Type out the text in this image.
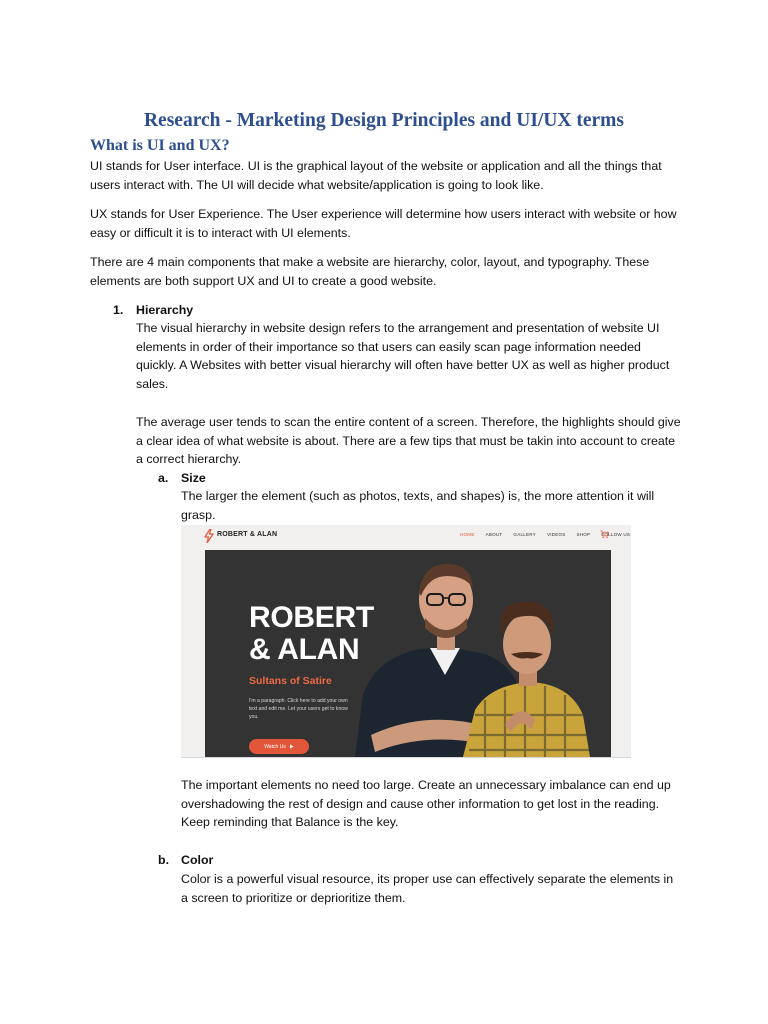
Research - Marketing Design Principles and UI/UX terms
What is UI and UX?

UI stands for User interface. UI is the graphical layout of the website or application and all the things that users interact with. The UI will decide what website/application is going to look like.

UX stands for User Experience. The User experience will determine how users interact with website or how easy or difficult it is to interact with UI elements.

There are 4 main components that make a website are hierarchy, color, layout, and typography. These elements are both support UX and UI to create a good website.

1. Hierarchy

The visual hierarchy in website design refers to the arrangement and presentation of website UI elements in order of their importance so that users can easily scan page information needed quickly. A Websites with better visual hierarchy will often have better UX as well as higher product sales.

The average user tends to scan the entire content of a screen. Therefore, the highlights should give a clear idea of what website is about. There are a few tips that must be takin into account to create a correct hierarchy.

a. Size

The larger the element (such as photos, texts, and shapes) is, the more attention it will grasp.

ROBERT & ALAN	HOME ABOUT GALLERY VIDEOS SHOP FOLLOW US
ROBERT
& ALAN
Sultans of Satire
I'm a paragraph. Click here to add your own text and edit me. Let your users get to know you.
Watch Us

The important elements no need too large. Create an unnecessary imbalance can end up overshadowing the rest of design and cause other information to get lost in the reading. Keep reminding that Balance is the key.

b. Color

Color is a powerful visual resource, its proper use can effectively separate the elements in a screen to prioritize or deprioritize them.
